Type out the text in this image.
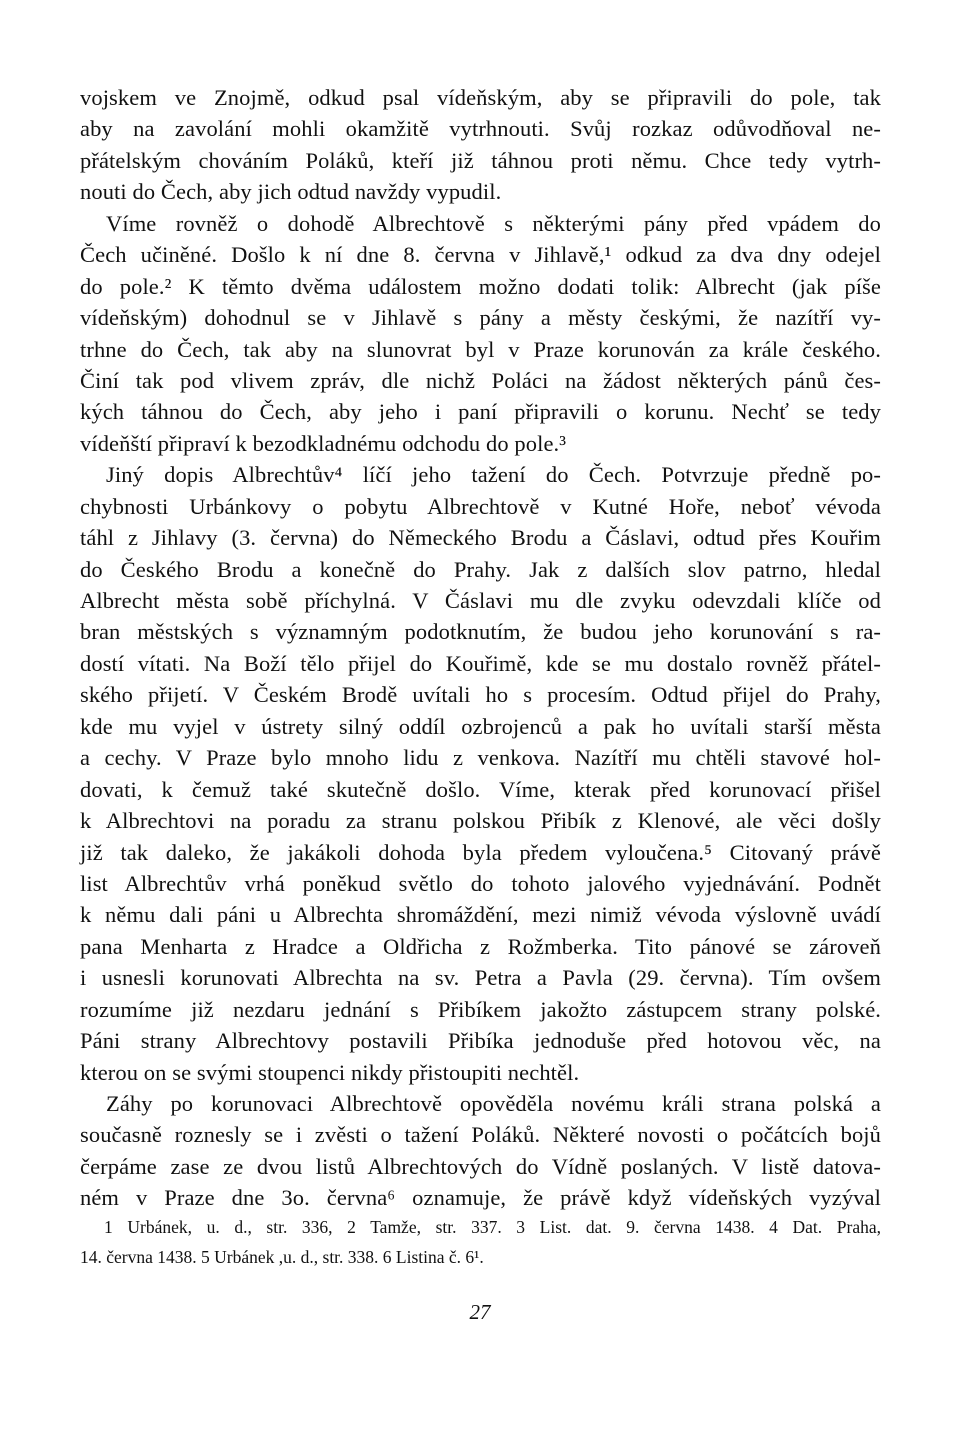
vojskem ve Znojmě, odkud psal vídeňským, aby se připravili do pole, tak
aby na zavolání mohli okamžitě vytrhnouti. Svůj rozkaz odůvodňoval ne-
přátelským chováním Poláků, kteří již táhnou proti němu. Chce tedy vytrh-
nouti do Čech, aby jich odtud navždy vypudil.
Víme rovněž o dohodě Albrechtově s některými pány před vpádem do
Čech učiněné. Došlo k ní dne 8. června v Jihlavě,¹ odkud za dva dny odejel
do pole.² K těmto dvěma událostem možno dodati tolik: Albrecht (jak píše
vídeňským) dohodnul se v Jihlavě s pány a městy českými, že nazítří vy-
trhne do Čech, tak aby na slunovrat byl v Praze korunován za krále českého.
Činí tak pod vlivem zpráv, dle nichž Poláci na žádost některých pánů čes-
kých táhnou do Čech, aby jeho i paní připravili o korunu. Nechť se tedy
vídeňští připraví k bezodkladnému odchodu do pole.³
Jiný dopis Albrechtův⁴ líčí jeho tažení do Čech. Potvrzuje předně po-
chybnosti Urbánkovy o pobytu Albrechtově v Kutné Hoře, neboť vévoda
táhl z Jihlavy (3. června) do Německého Brodu a Čáslavi, odtud přes Kouřim
do Českého Brodu a konečně do Prahy. Jak z dalších slov patrno, hledal
Albrecht města sobě příchylná. V Čáslavi mu dle zvyku odevzdali klíče od
bran městských s významným podotknutím, že budou jeho korunování s ra-
dostí vítati. Na Boží tělo přijel do Kouřimě, kde se mu dostalo rovněž přátel-
ského přijetí. V Českém Brodě uvítali ho s procesím. Odtud přijel do Prahy,
kde mu vyjel v ústrety silný oddíl ozbrojenců a pak ho uvítali starší města
a cechy. V Praze bylo mnoho lidu z venkova. Nazítří mu chtěli stavové hol-
dovati, k čemuž také skutečně došlo. Víme, kterak před korunovací přišel
k Albrechtovi na poradu za stranu polskou Přibík z Klenové, ale věci došly
již tak daleko, že jakákoli dohoda byla předem vyloučena.⁵ Citovaný právě
list Albrechtův vrhá poněkud světlo do tohoto jalového vyjednávání. Podnět
k němu dali páni u Albrechta shromáždění, mezi nimiž vévoda výslovně uvádí
pana Menharta z Hradce a Oldřicha z Rožmberka. Tito pánové se zároveň
i usnesli korunovati Albrechta na sv. Petra a Pavla (29. června). Tím ovšem
rozumíme již nezdaru jednání s Přibíkem jakožto zástupcem strany polské.
Páni strany Albrechtovy postavili Přibíka jednoduše před hotovou věc, na
kterou on se svými stoupenci nikdy přistoupiti nechtěl.
Záhy po korunovaci Albrechtově opověděla novému králi strana polská a
současně roznesly se i zvěsti o tažení Poláků. Některé novosti o počátcích bojů
čerpáme zase ze dvou listů Albrechtových do Vídně poslaných. V listě datova-
ném v Praze dne 3o. června⁶ oznamuje, že právě když vídeňských vyzýval
1 Urbánek, u. d., str. 336, 2 Tamže, str. 337. 3 List. dat. 9. června 1438. 4 Dat. Praha,
14. června 1438. 5 Urbánek ,u. d., str. 338. 6 Listina č. 6¹.
27
